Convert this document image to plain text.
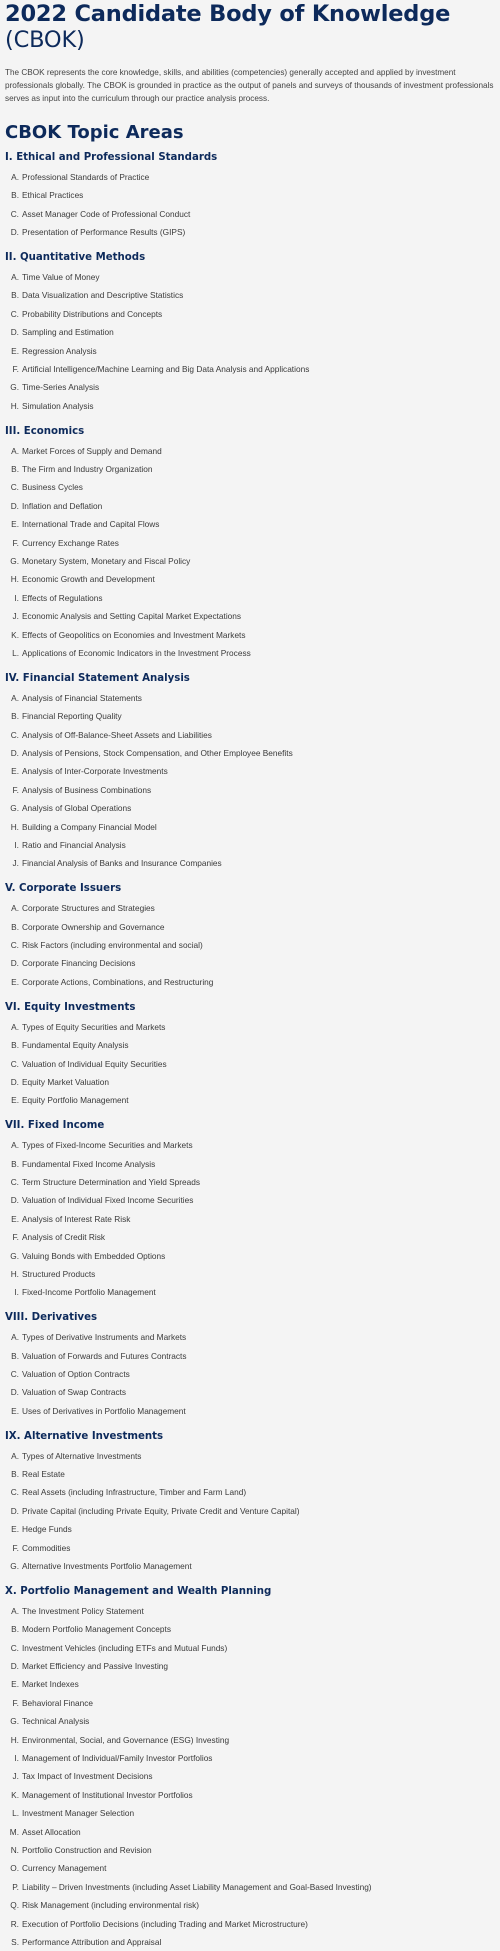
2022 Candidate Body of Knowledge
(CBOK)

The CBOK represents the core knowledge, skills, and abilities (competencies) generally accepted and applied by investment professionals globally. The CBOK is grounded in practice as the output of panels and surveys of thousands of investment professionals serves as input into the curriculum through our practice analysis process.

CBOK Topic Areas
I. Ethical and Professional Standards
A. Professional Standards of Practice
B. Ethical Practices
C. Asset Manager Code of Professional Conduct
D. Presentation of Performance Results (GIPS)
II. Quantitative Methods
A. Time Value of Money
B. Data Visualization and Descriptive Statistics
C. Probability Distributions and Concepts
D. Sampling and Estimation
E. Regression Analysis
F. Artificial Intelligence/Machine Learning and Big Data Analysis and Applications
G. Time-Series Analysis
H. Simulation Analysis
III. Economics
A. Market Forces of Supply and Demand
B. The Firm and Industry Organization
C. Business Cycles
D. Inflation and Deflation
E. International Trade and Capital Flows
F. Currency Exchange Rates
G. Monetary System, Monetary and Fiscal Policy
H. Economic Growth and Development
I. Effects of Regulations
J. Economic Analysis and Setting Capital Market Expectations
K. Effects of Geopolitics on Economies and Investment Markets
L. Applications of Economic Indicators in the Investment Process
IV. Financial Statement Analysis
A. Analysis of Financial Statements
B. Financial Reporting Quality
C. Analysis of Off-Balance-Sheet Assets and Liabilities
D. Analysis of Pensions, Stock Compensation, and Other Employee Benefits
E. Analysis of Inter-Corporate Investments
F. Analysis of Business Combinations
G. Analysis of Global Operations
H. Building a Company Financial Model
I. Ratio and Financial Analysis
J. Financial Analysis of Banks and Insurance Companies
V. Corporate Issuers
A. Corporate Structures and Strategies
B. Corporate Ownership and Governance
C. Risk Factors (including environmental and social)
D. Corporate Financing Decisions
E. Corporate Actions, Combinations, and Restructuring
VI. Equity Investments
A. Types of Equity Securities and Markets
B. Fundamental Equity Analysis
C. Valuation of Individual Equity Securities
D. Equity Market Valuation
E. Equity Portfolio Management
VII. Fixed Income
A. Types of Fixed-Income Securities and Markets
B. Fundamental Fixed Income Analysis
C. Term Structure Determination and Yield Spreads
D. Valuation of Individual Fixed Income Securities
E. Analysis of Interest Rate Risk
F. Analysis of Credit Risk
G. Valuing Bonds with Embedded Options
H. Structured Products
I. Fixed-Income Portfolio Management
VIII. Derivatives
A. Types of Derivative Instruments and Markets
B. Valuation of Forwards and Futures Contracts
C. Valuation of Option Contracts
D. Valuation of Swap Contracts
E. Uses of Derivatives in Portfolio Management
IX. Alternative Investments
A. Types of Alternative Investments
B. Real Estate
C. Real Assets (including Infrastructure, Timber and Farm Land)
D. Private Capital (including Private Equity, Private Credit and Venture Capital)
E. Hedge Funds
F. Commodities
G. Alternative Investments Portfolio Management
X. Portfolio Management and Wealth Planning
A. The Investment Policy Statement
B. Modern Portfolio Management Concepts
C. Investment Vehicles (including ETFs and Mutual Funds)
D. Market Efficiency and Passive Investing
E. Market Indexes
F. Behavioral Finance
G. Technical Analysis
H. Environmental, Social, and Governance (ESG) Investing
I. Management of Individual/Family Investor Portfolios
J. Tax Impact of Investment Decisions
K. Management of Institutional Investor Portfolios
L. Investment Manager Selection
M. Asset Allocation
N. Portfolio Construction and Revision
O. Currency Management
P. Liability – Driven Investments (including Asset Liability Management and Goal-Based Investing)
Q. Risk Management (including environmental risk)
R. Execution of Portfolio Decisions (including Trading and Market Microstructure)
S. Performance Attribution and Appraisal
